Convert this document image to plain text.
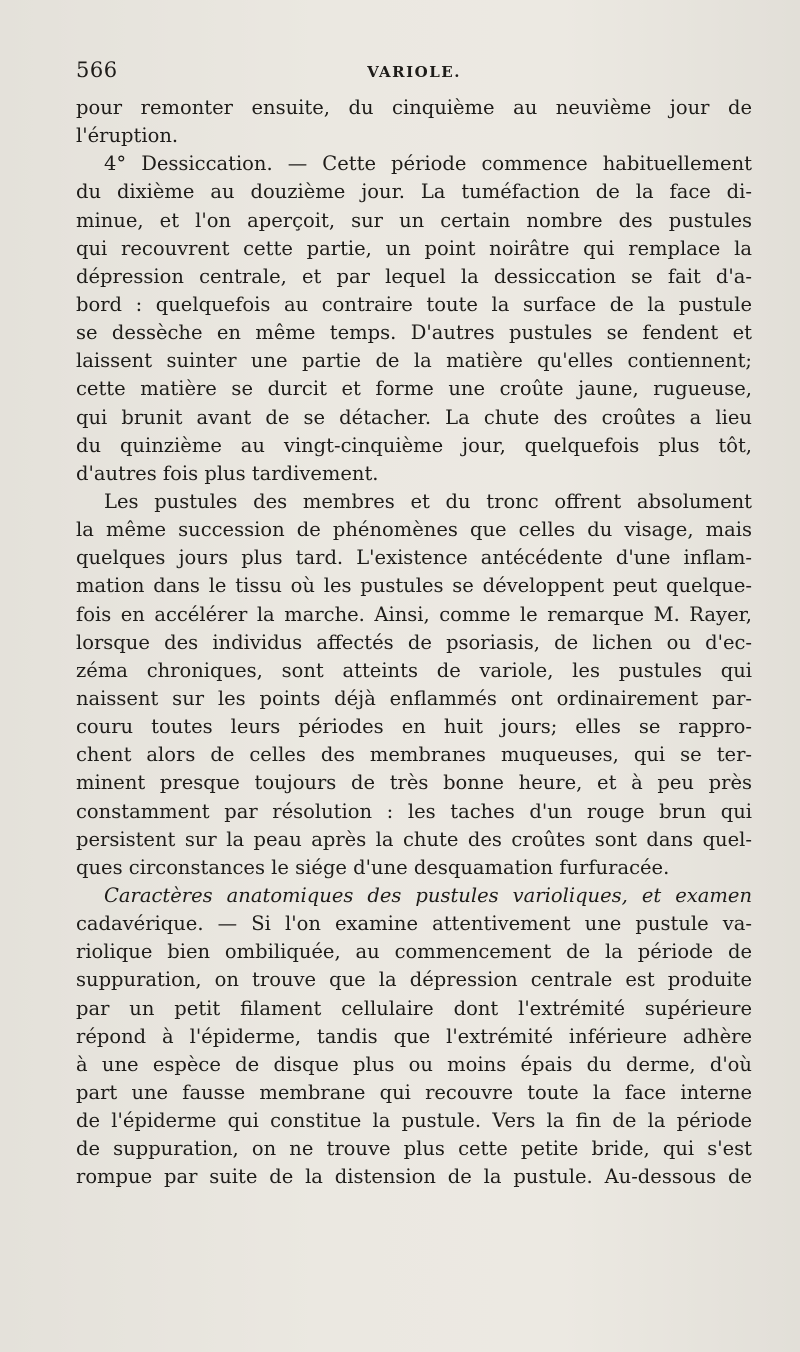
566	VARIOLE.
pour remonter ensuite, du cinquième au neuvième jour de
l'éruption.
4° Dessiccation. — Cette période commence habituellement
du dixième au douzième jour. La tuméfaction de la face di-
minue, et l'on aperçoit, sur un certain nombre des pustules
qui recouvrent cette partie, un point noirâtre qui remplace la
dépression centrale, et par lequel la dessiccation se fait d'a-
bord : quelquefois au contraire toute la surface de la pustule
se dessèche en même temps. D'autres pustules se fendent et
laissent suinter une partie de la matière qu'elles contiennent;
cette matière se durcit et forme une croûte jaune, rugueuse,
qui brunit avant de se détacher. La chute des croûtes a lieu
du quinzième au vingt-cinquième jour, quelquefois plus tôt,
d'autres fois plus tardivement.
Les pustules des membres et du tronc offrent absolument
la même succession de phénomènes que celles du visage, mais
quelques jours plus tard. L'existence antécédente d'une inflam-
mation dans le tissu où les pustules se développent peut quelque-
fois en accélérer la marche. Ainsi, comme le remarque M. Rayer,
lorsque des individus affectés de psoriasis, de lichen ou d'ec-
zéma chroniques, sont atteints de variole, les pustules qui
naissent sur les points déjà enflammés ont ordinairement par-
couru toutes leurs périodes en huit jours; elles se rappro-
chent alors de celles des membranes muqueuses, qui se ter-
minent presque toujours de très bonne heure, et à peu près
constamment par résolution : les taches d'un rouge brun qui
persistent sur la peau après la chute des croûtes sont dans quel-
ques circonstances le siége d'une desquamation furfuracée.
Caractères anatomiques des pustules varioliques, et examen
cadavérique. — Si l'on examine attentivement une pustule va-
riolique bien ombiliquée, au commencement de la période de
suppuration, on trouve que la dépression centrale est produite
par un petit filament cellulaire dont l'extrémité supérieure
répond à l'épiderme, tandis que l'extrémité inférieure adhère
à une espèce de disque plus ou moins épais du derme, d'où
part une fausse membrane qui recouvre toute la face interne
de l'épiderme qui constitue la pustule. Vers la fin de la période
de suppuration, on ne trouve plus cette petite bride, qui s'est
rompue par suite de la distension de la pustule. Au-dessous de
